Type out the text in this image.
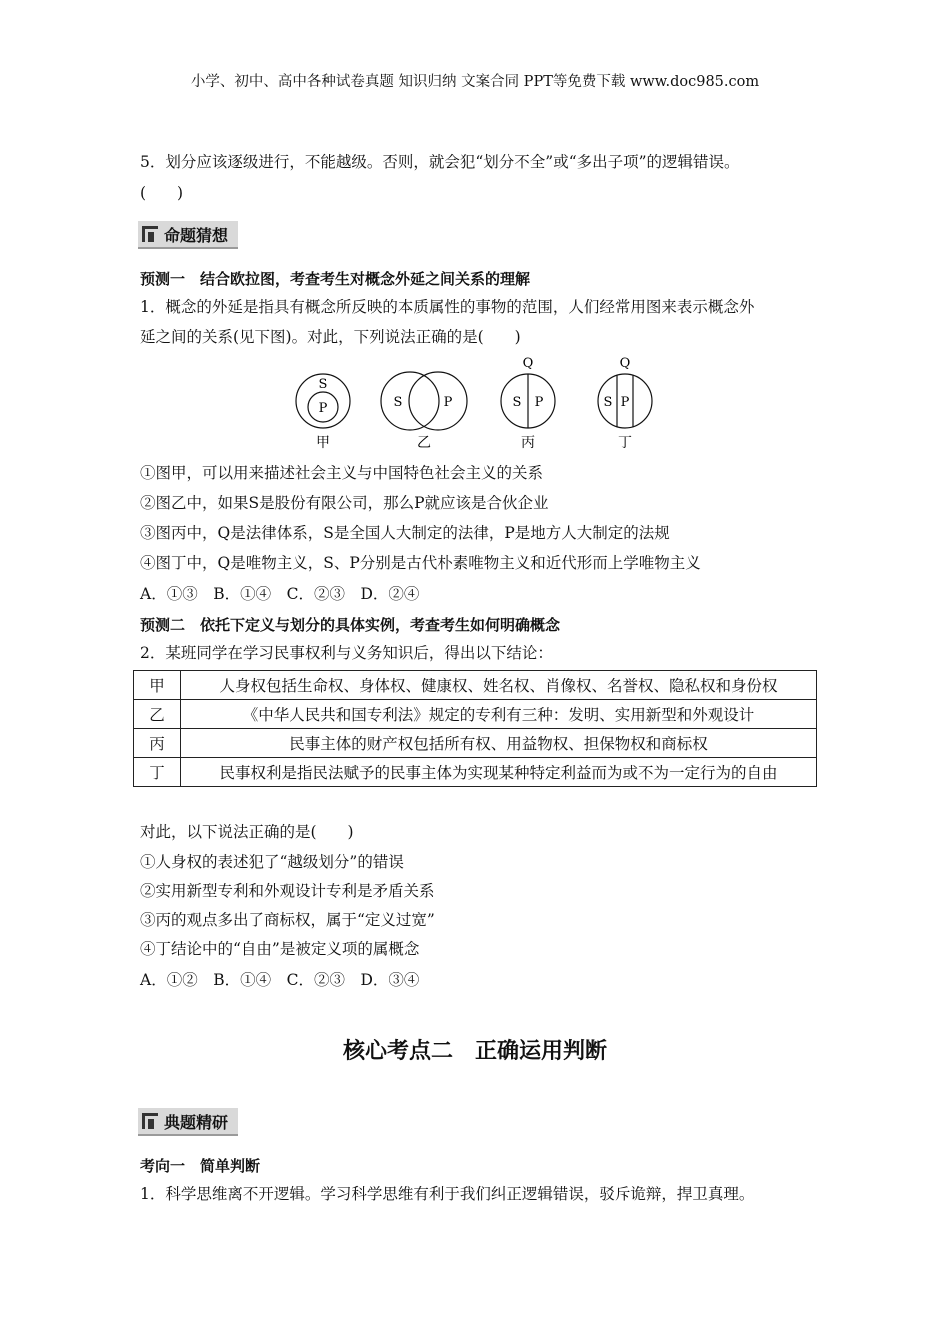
小学、初中、高中各种试卷真题 知识归纳 文案合同 PPT等免费下载 www.doc985.com
5．划分应该逐级进行，不能越级。否则，就会犯“划分不全”或“多出子项”的逻辑错误。
(　　)
命题猜想
预测一　结合欧拉图，考查考生对概念外延之间关系的理解
1．概念的外延是指具有概念所反映的本质属性的事物的范围，人们经常用图来表示概念外
延之间的关系(见下图)。对此，下列说法正确的是(　　)
S
P
甲
S	P
乙
Q
S P
丙
Q
S P
丁
①图甲，可以用来描述社会主义与中国特色社会主义的关系
②图乙中，如果S是股份有限公司，那么P就应该是合伙企业
③图丙中，Q是法律体系，S是全国人大制定的法律，P是地方人大制定的法规
④图丁中，Q是唯物主义，S、P分别是古代朴素唯物主义和近代形而上学唯物主义
A．①③　B．①④　C．②③　D．②④
预测二　依托下定义与划分的具体实例，考查考生如何明确概念
2．某班同学在学习民事权利与义务知识后，得出以下结论：
甲	人身权包括生命权、身体权、健康权、姓名权、肖像权、名誉权、隐私权和身份权
乙	《中华人民共和国专利法》规定的专利有三种：发明、实用新型和外观设计
丙	民事主体的财产权包括所有权、用益物权、担保物权和商标权
丁	民事权利是指民法赋予的民事主体为实现某种特定利益而为或不为一定行为的自由
对此，以下说法正确的是(　　)
①人身权的表述犯了“越级划分”的错误
②实用新型专利和外观设计专利是矛盾关系
③丙的观点多出了商标权，属于“定义过宽”
④丁结论中的“自由”是被定义项的属概念
A．①②　B．①④　C．②③　D．③④
核心考点二　正确运用判断
典题精研
考向一　简单判断
1．科学思维离不开逻辑。学习科学思维有利于我们纠正逻辑错误，驳斥诡辩，捍卫真理。
